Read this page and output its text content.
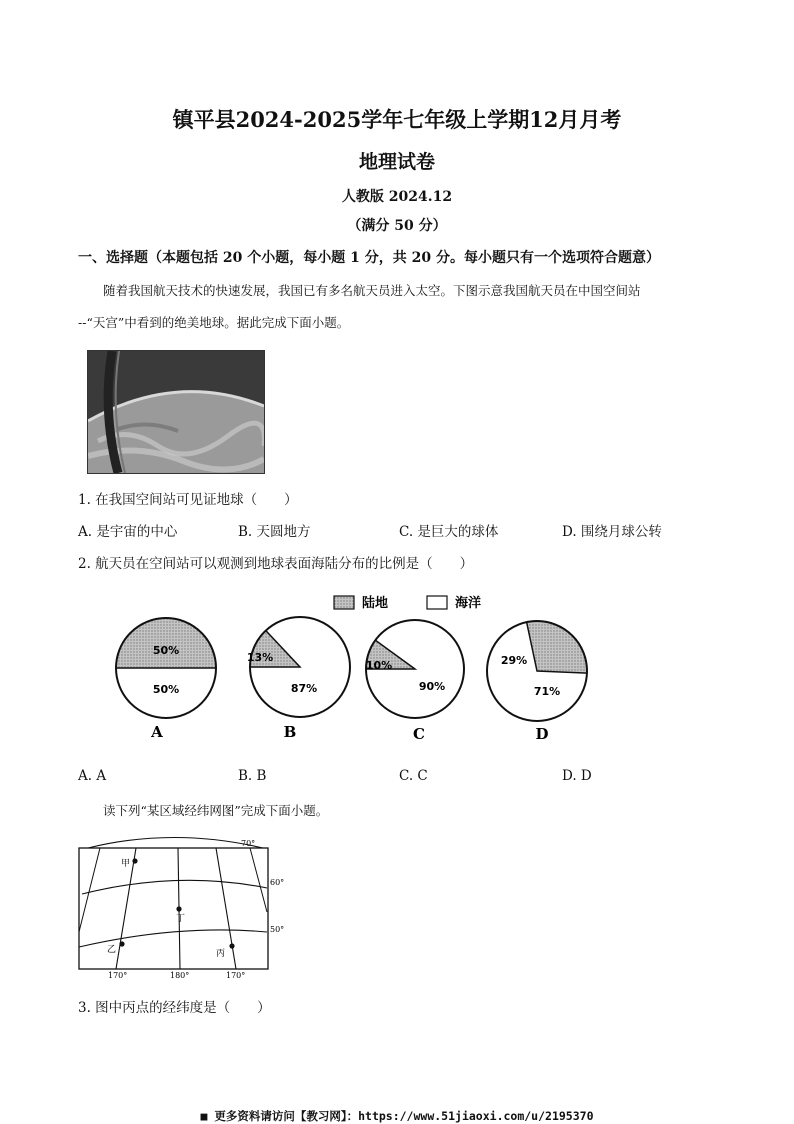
镇平县2024-2025学年七年级上学期12月月考
地理试卷
人教版 2024.12
（满分 50 分）
一、选择题（本题包括 20 个小题，每小题 1 分，共 20 分。每小题只有一个选项符合题意）
随着我国航天技术的快速发展，我国已有多名航天员进入太空。下图示意我国航天员在中国空间站
--“天宫”中看到的绝美地球。据此完成下面小题。
1. 在我国空间站可见证地球（　　）
A. 是宇宙的中心	B. 天圆地方	C. 是巨大的球体	D. 围绕月球公转
2. 航天员在空间站可以观测到地球表面海陆分布的比例是（　　）
陆地	海洋
50%
50%
A
13%
87%
B
10%
90%
C
29%
71%
D
A. A	B. B	C. C	D. D
读下列“某区域经纬网图”完成下面小题。
甲
丁
乙	丙
70°
60°
50°
170°	180°	170°
3. 图中丙点的经纬度是（　　）
■ 更多资料请访问【教习网】：https://www.51jiaoxi.com/u/2195370
